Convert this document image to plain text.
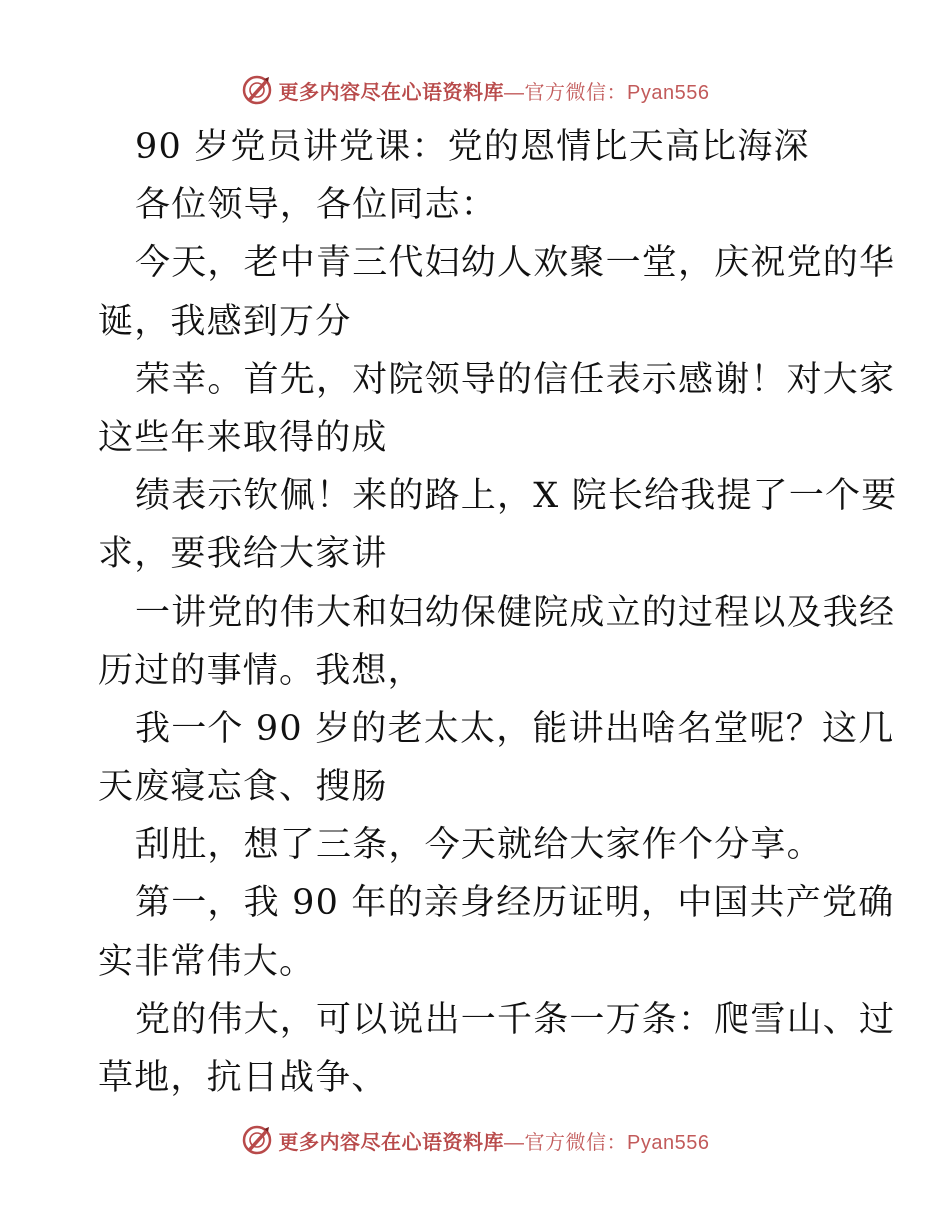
更多内容尽在心语资料库—官方微信：Pyan556
90 岁党员讲党课：党的恩情比天高比海深
各位领导，各位同志：
今天，老中青三代妇幼人欢聚一堂，庆祝党的华
诞，我感到万分
荣幸。首先，对院领导的信任表示感谢！对大家
这些年来取得的成
绩表示钦佩！来的路上，X 院长给我提了一个要
求，要我给大家讲
一讲党的伟大和妇幼保健院成立的过程以及我经
历过的事情。我想，
我一个 90 岁的老太太，能讲出啥名堂呢？这几
天废寝忘食、搜肠
刮肚，想了三条，今天就给大家作个分享。
第一，我 90 年的亲身经历证明，中国共产党确
实非常伟大。
党的伟大，可以说出一千条一万条：爬雪山、过
草地，抗日战争、
更多内容尽在心语资料库—官方微信：Pyan556
